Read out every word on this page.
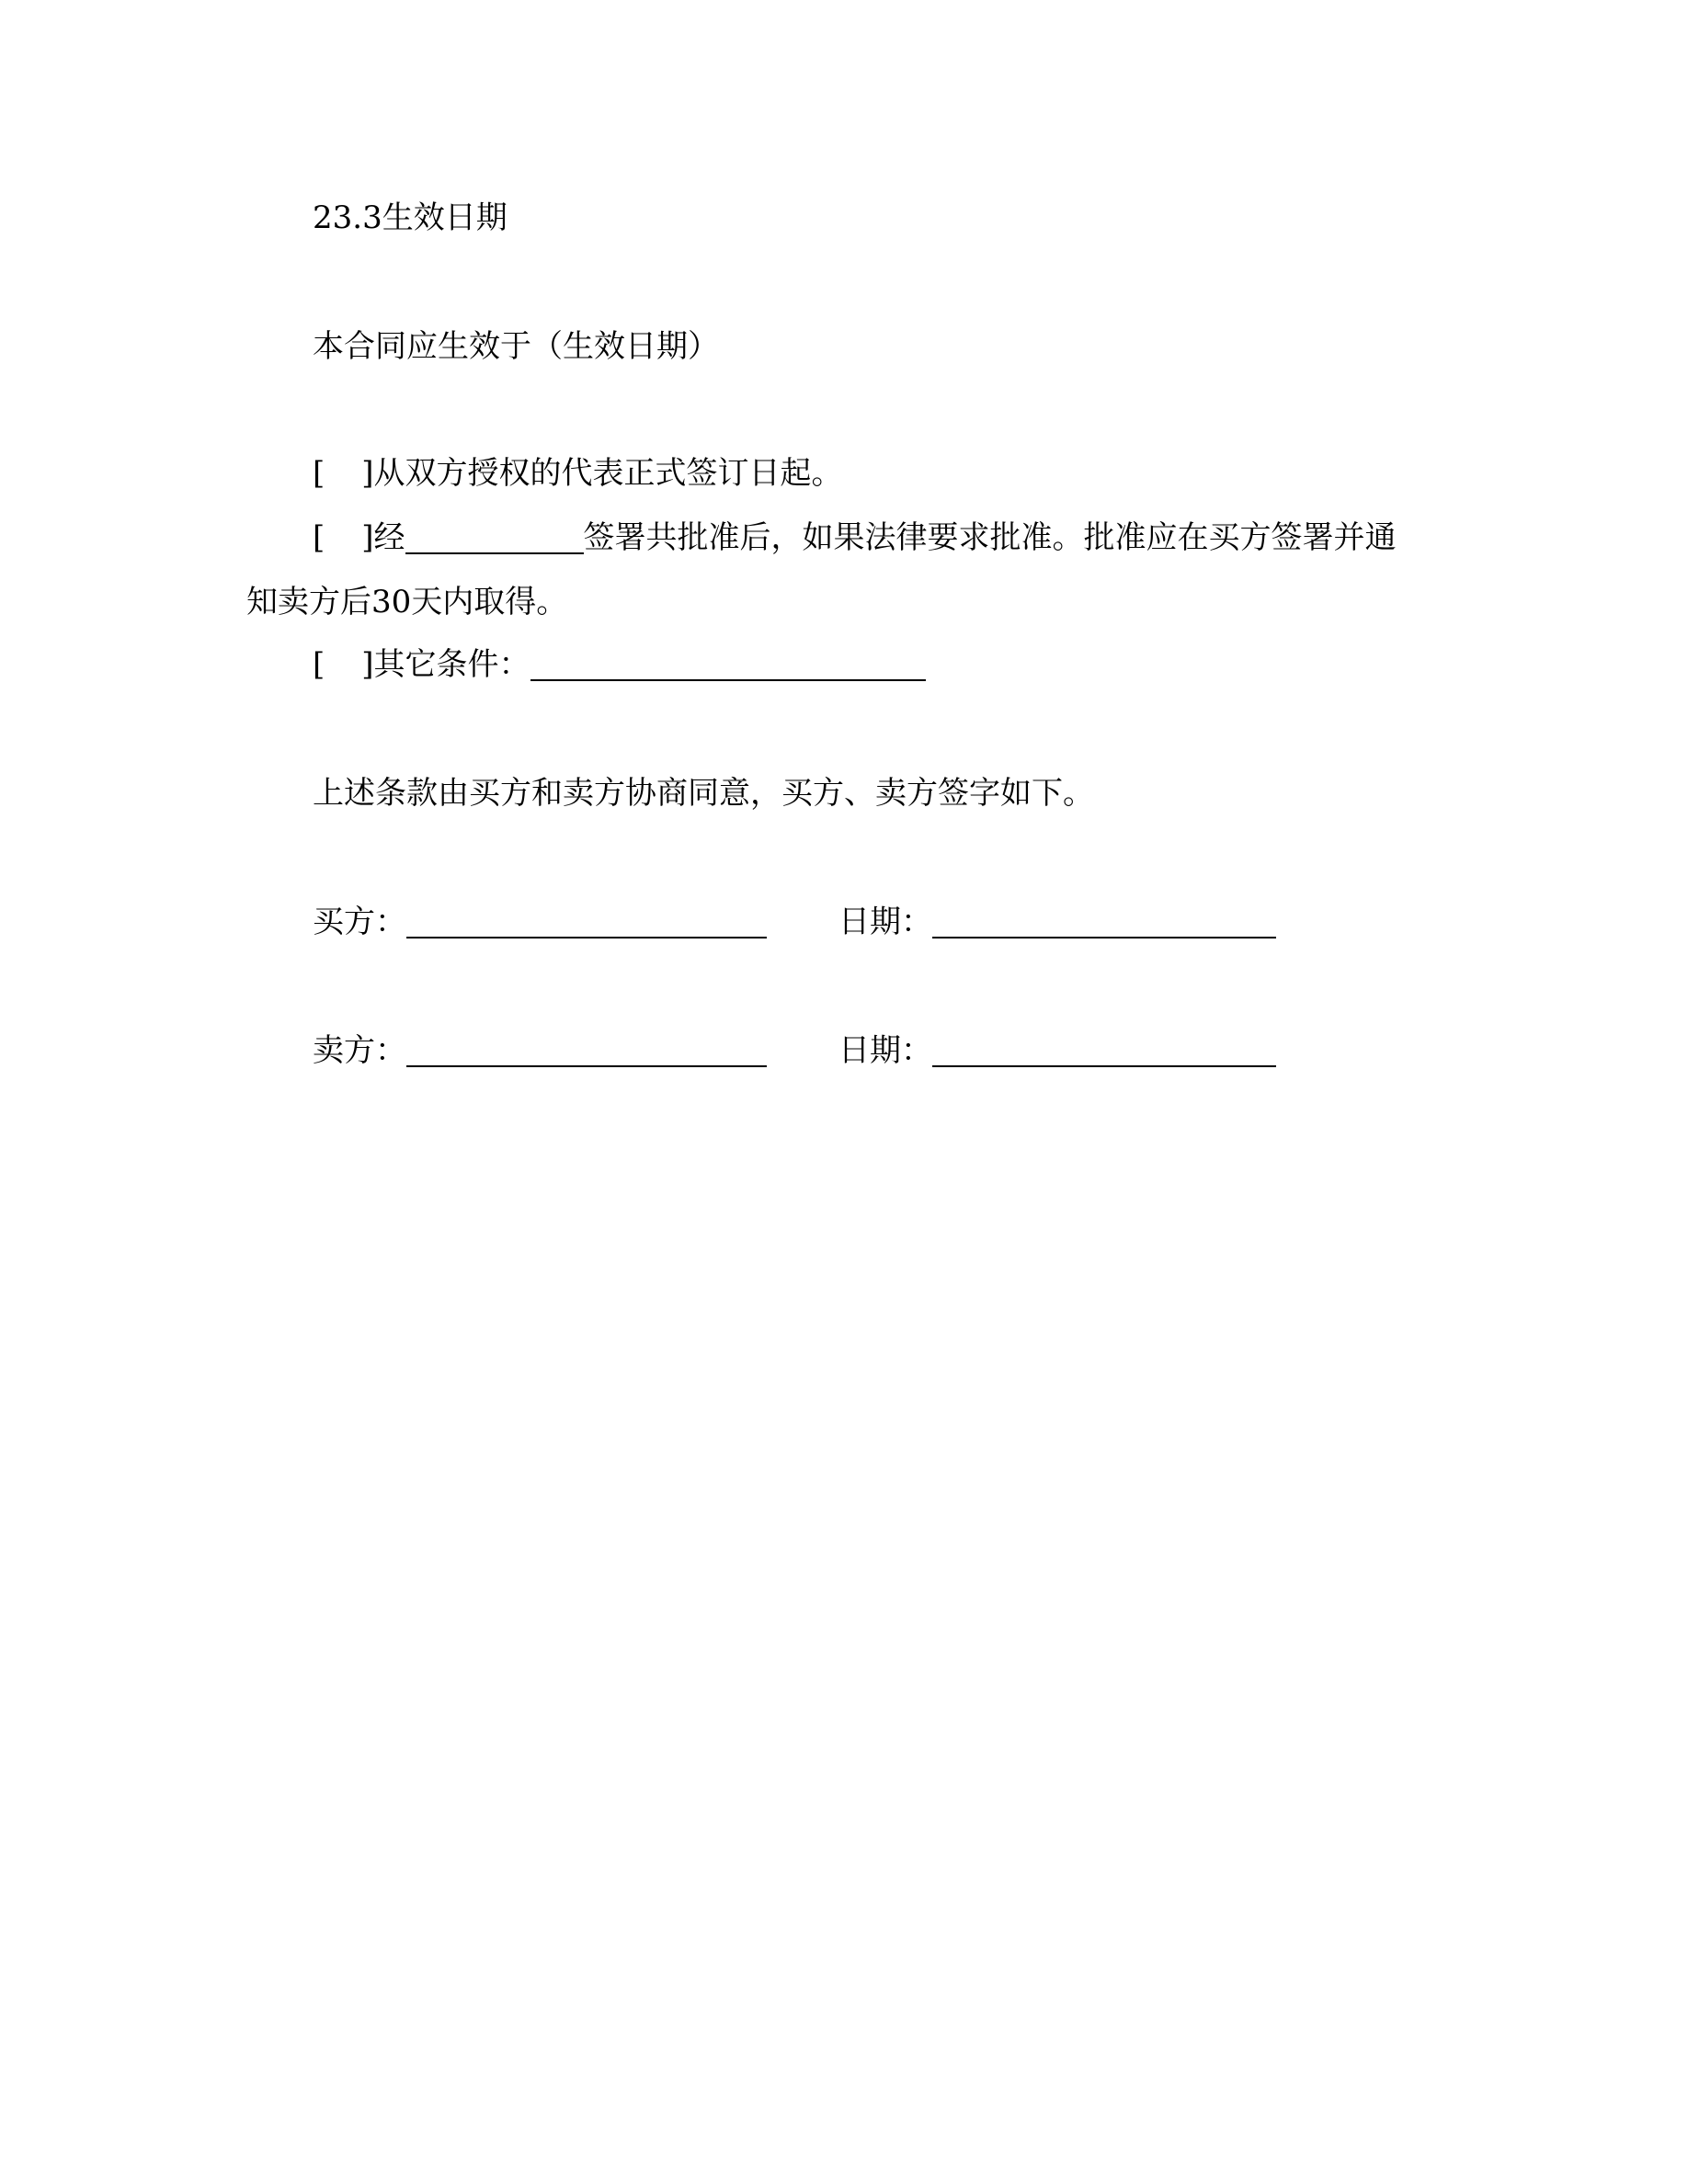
23.3生效日期
本合同应生效于（生效日期）
[ ]从双方授权的代表正式签订日起。
[ ]经	签署共批准后，如果法律要求批准。批准应在买方签署并通
知卖方后30天内取得。
[ ]其它条件：
上述条款由买方和卖方协商同意，买方、卖方签字如下。
买方：	日期：
卖方：	日期：
